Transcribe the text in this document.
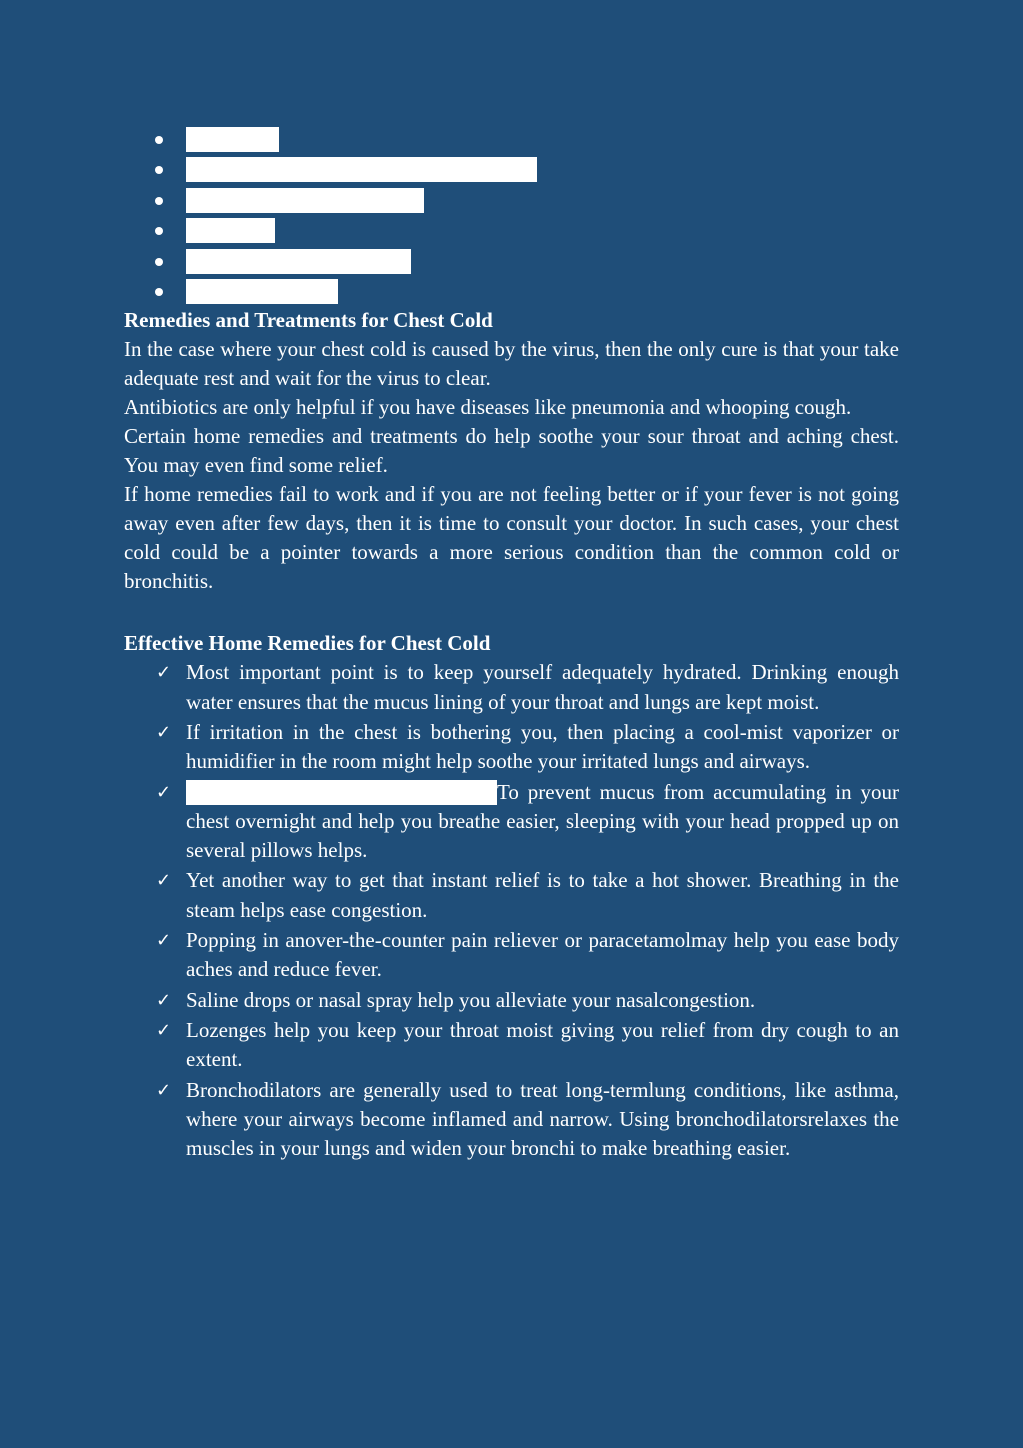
Remedies and Treatments for Chest Cold

In the case where your chest cold is caused by the virus, then the only cure is that your take adequate rest and wait for the virus to clear.

Antibiotics are only helpful if you have diseases like pneumonia and whooping cough.

Certain home remedies and treatments do help soothe your sour throat and aching chest. You may even find some relief.

If home remedies fail to work and if you are not feeling better or if your fever is not going away even after few days, then it is time to consult your doctor. In such cases, your chest cold could be a pointer towards a more serious condition than the common cold or bronchitis.

Effective Home Remedies for Chest Cold
✓ Most important point is to keep yourself adequately hydrated. Drinking enough water ensures that the mucus lining of your throat and lungs are kept moist.
✓ If irritation in the chest is bothering you, then placing a cool-mist vaporizer or humidifier in the room might help soothe your irritated lungs and airways.
✓	To prevent mucus from accumulating in your chest overnight and help you breathe easier, sleeping with your head propped up on several pillows helps.
✓ Yet another way to get that instant relief is to take a hot shower. Breathing in the steam helps ease congestion.
✓ Popping in anover-the-counter pain reliever or paracetamolmay help you ease body aches and reduce fever.
✓ Saline drops or nasal spray help you alleviate your nasalcongestion.
✓ Lozenges help you keep your throat moist giving you relief from dry cough to an extent.
✓ Bronchodilators are generally used to treat long-termlung conditions, like asthma, where your airways become inflamed and narrow. Using bronchodilatorsrelaxes the muscles in your lungs and widen your bronchi to make breathing easier.
